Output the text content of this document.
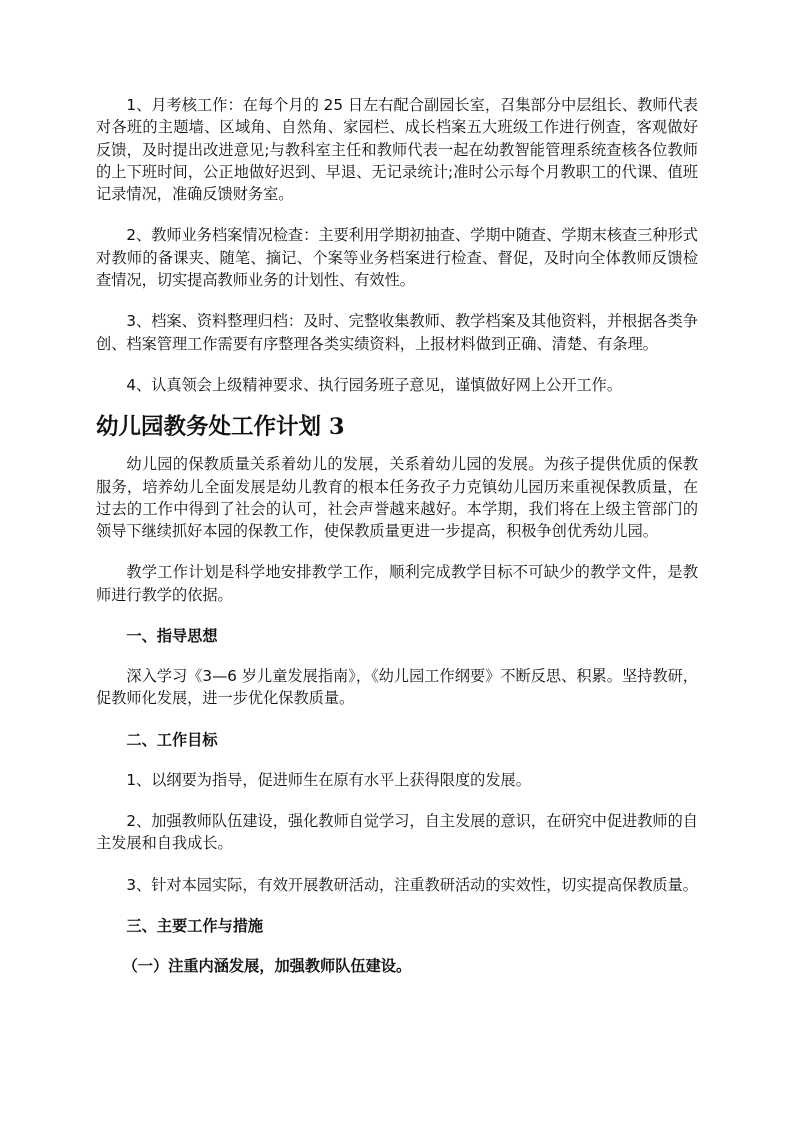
1、月考核工作：在每个月的 25 日左右配合副园长室，召集部分中层组长、教师代表对各班的主题墙、区域角、自然角、家园栏、成长档案五大班级工作进行例查，客观做好反馈，及时提出改进意见;与教科室主任和教师代表一起在幼教智能管理系统查核各位教师的上下班时间，公正地做好迟到、早退、无记录统计;准时公示每个月教职工的代课、值班记录情况，准确反馈财务室。

2、教师业务档案情况检查：主要利用学期初抽查、学期中随查、学期末核查三种形式对教师的备课夹、随笔、摘记、个案等业务档案进行检查、督促，及时向全体教师反馈检查情况，切实提高教师业务的计划性、有效性。

3、档案、资料整理归档：及时、完整收集教师、教学档案及其他资料，并根据各类争创、档案管理工作需要有序整理各类实绩资料，上报材料做到正确、清楚、有条理。

4、认真领会上级精神要求、执行园务班子意见，谨慎做好网上公开工作。

幼儿园教务处工作计划 3

幼儿园的保教质量关系着幼儿的发展，关系着幼儿园的发展。为孩子提供优质的保教服务，培养幼儿全面发展是幼儿教育的根本任务孜子力克镇幼儿园历来重视保教质量，在过去的工作中得到了社会的认可，社会声誉越来越好。本学期，我们将在上级主管部门的领导下继续抓好本园的保教工作，使保教质量更进一步提高，积极争创优秀幼儿园。

教学工作计划是科学地安排教学工作，顺利完成教学目标不可缺少的教学文件，是教师进行教学的依据。

一、指导思想

深入学习《3—6 岁儿童发展指南》，《幼儿园工作纲要》不断反思、积累。坚持教研，促教师化发展，进一步优化保教质量。

二、工作目标

1、以纲要为指导，促进师生在原有水平上获得限度的发展。

2、加强教师队伍建设，强化教师自觉学习，自主发展的意识，在研究中促进教师的自主发展和自我成长。

3、针对本园实际，有效开展教研活动，注重教研活动的实效性，切实提高保教质量。

三、主要工作与措施

（一）注重内涵发展，加强教师队伍建设。
